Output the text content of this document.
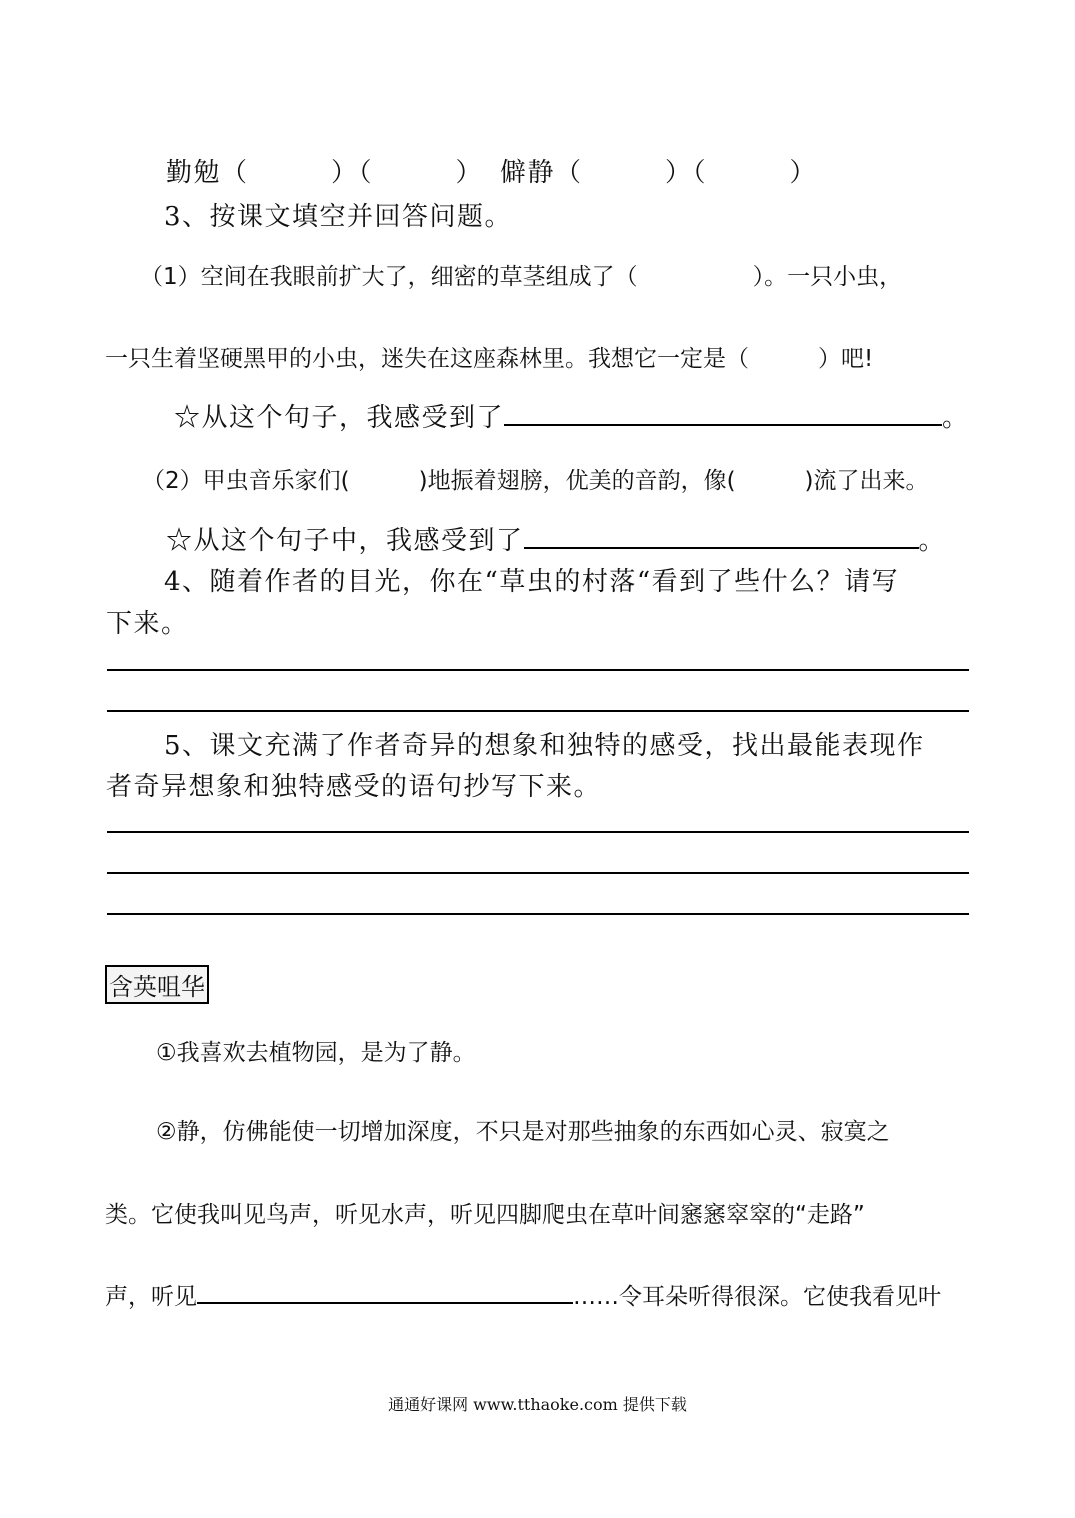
勤勉（　　　）（　　　） 僻静（　　　）（　　　）
3、按课文填空并回答问题。
（1）空间在我眼前扩大了，细密的草茎组成了（　　　　　）。一只小虫，
一只生着坚硬黑甲的小虫，迷失在这座森林里。我想它一定是（　　　）吧!
☆从这个句子，我感受到了	。
（2）甲虫音乐家们(　　　)地振着翅膀，优美的音韵，像(　　　)流了出来。
☆从这个句子中，我感受到了	。
4、随着作者的目光，你在“草虫的村落“看到了些什么？请写
下来。
5、课文充满了作者奇异的想象和独特的感受，找出最能表现作
者奇异想象和独特感受的语句抄写下来。
含英咀华
①我喜欢去植物园，是为了静。
②静，仿佛能使一切增加深度，不只是对那些抽象的东西如心灵、寂寞之
类。它使我叫见鸟声，听见水声，听见四脚爬虫在草叶间窸窸窣窣的“走路”
声，听见	……令耳朵听得很深。它使我看见叶
通通好课网 www.tthaoke.com 提供下载
